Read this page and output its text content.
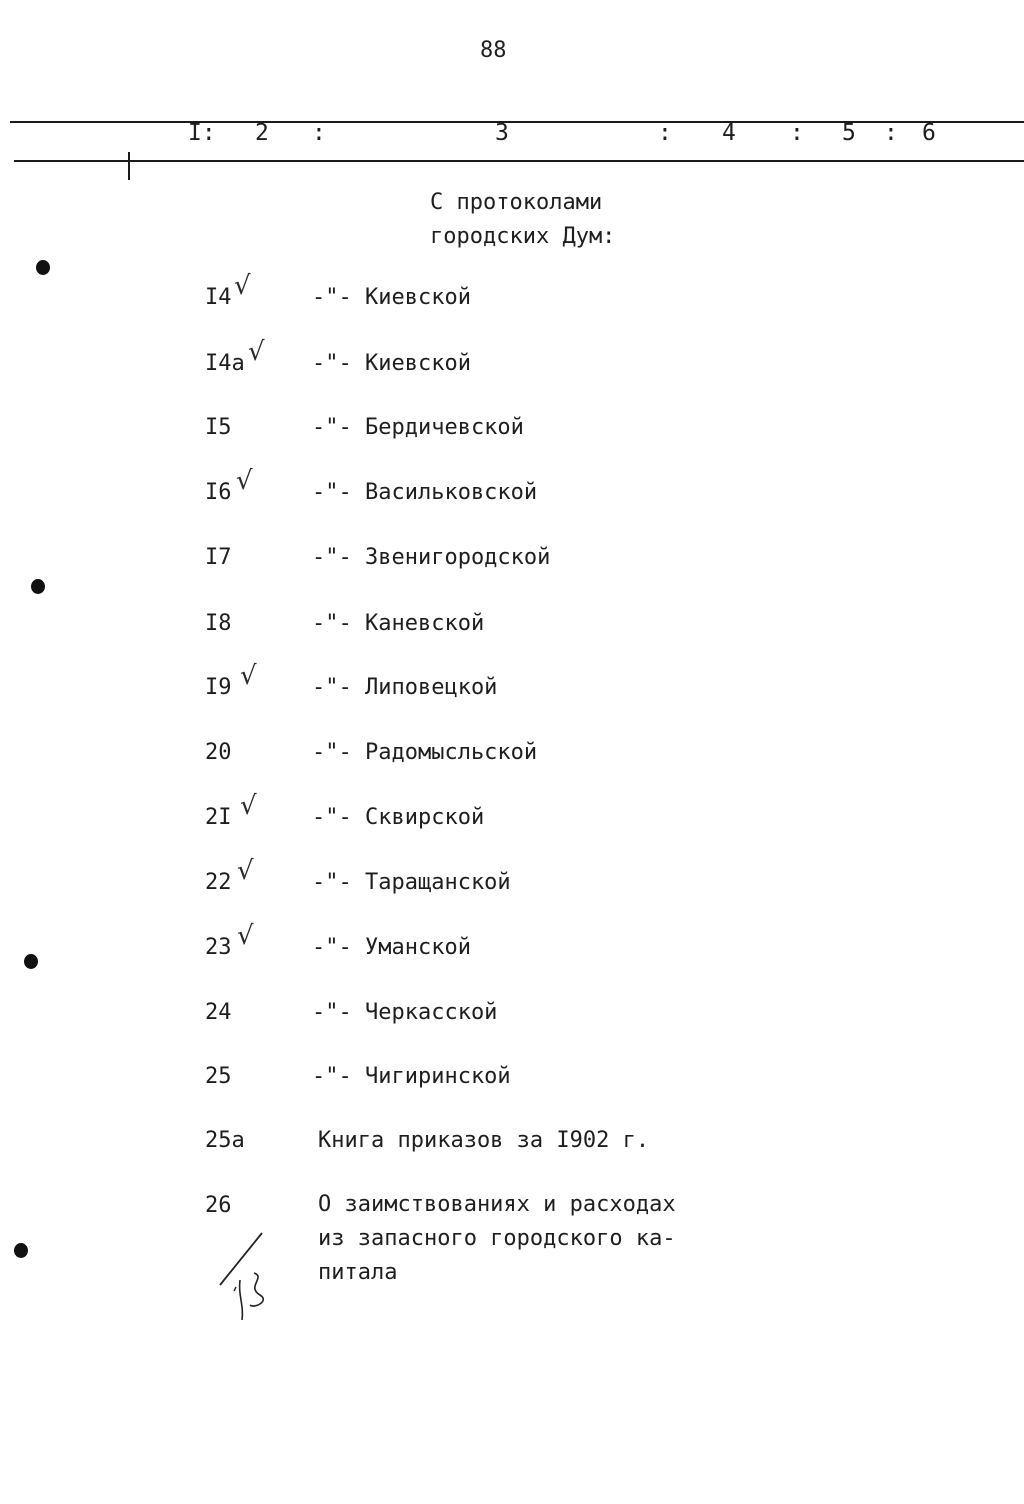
88
I: 2 :	3	: 4 : 5 : 6
С протоколами
городских Дум:
I4 √	-"- Киевской
I4а √ -"- Киевской
I5	-"- Бердичевской
I6 √	-"- Васильковской
I7	-"- Звенигородской
I8	-"- Каневской
I9 √	-"- Липовецкой
20	-"- Радомысльской
2I √	-"- Сквирской
22 √	-"- Таращанской
23 √	-"- Уманской
24	-"- Черкасской
25	-"- Чигиринской
25а	Книга приказов за I902 г.
26	О заимствованиях и расходах
из запасного городского ка-
питала
